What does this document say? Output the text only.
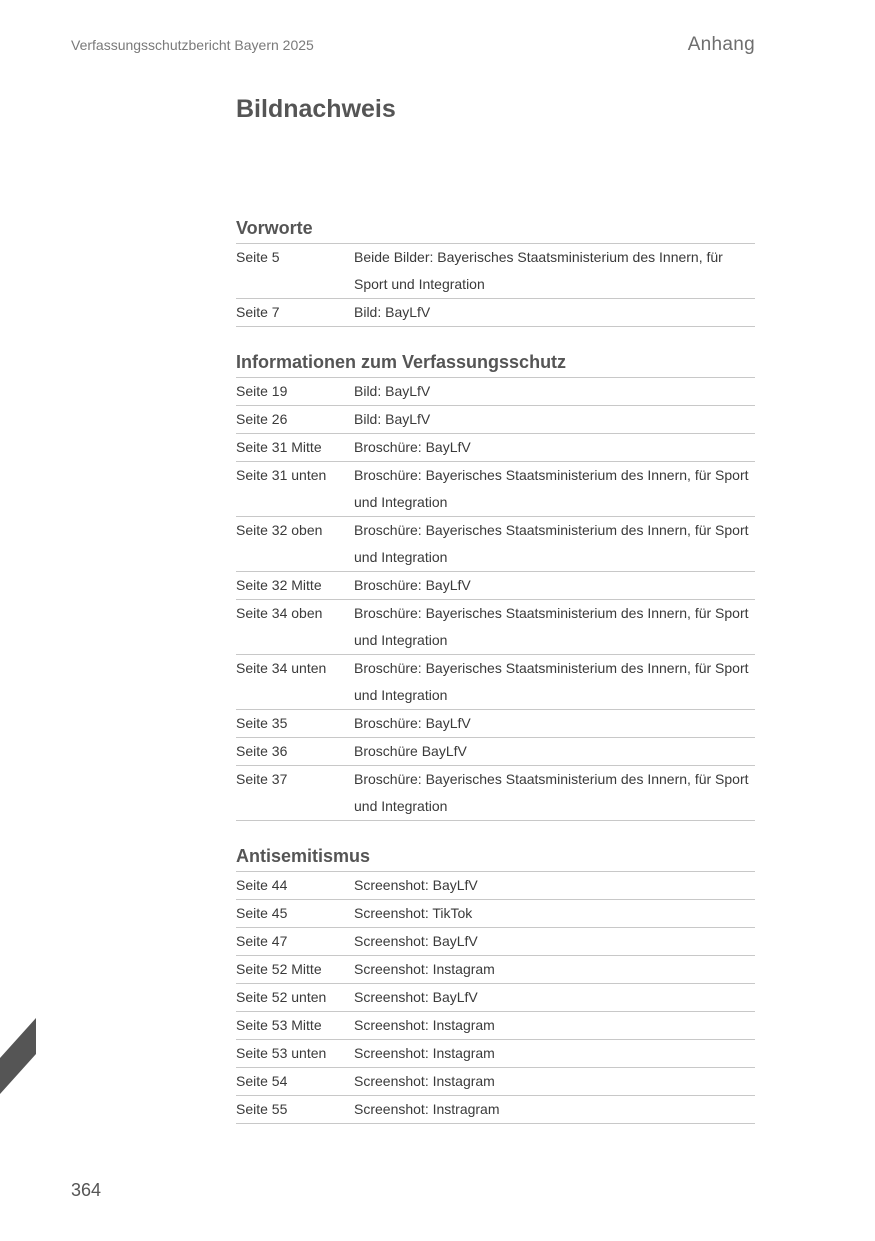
Verfassungsschutzbericht Bayern 2025	Anhang
Bildnachweis
Vorworte
Seite 5	Beide Bilder: Bayerisches Staatsministerium des Innern, für Sport und Integration
Seite 7	Bild: BayLfV
Informationen zum Verfassungsschutz
Seite 19	Bild: BayLfV
Seite 26	Bild: BayLfV
Seite 31 Mitte	Broschüre: BayLfV
Seite 31 unten	Broschüre: Bayerisches Staatsministerium des Innern, für Sport und Integration
Seite 32 oben	Broschüre: Bayerisches Staatsministerium des Innern, für Sport und Integration
Seite 32 Mitte	Broschüre: BayLfV
Seite 34 oben	Broschüre: Bayerisches Staatsministerium des Innern, für Sport und Integration
Seite 34 unten	Broschüre: Bayerisches Staatsministerium des Innern, für Sport und Integration
Seite 35	Broschüre: BayLfV
Seite 36	Broschüre BayLfV
Seite 37	Broschüre: Bayerisches Staatsministerium des Innern, für Sport und Integration
Antisemitismus
Seite 44	Screenshot: BayLfV
Seite 45	Screenshot: TikTok
Seite 47	Screenshot: BayLfV
Seite 52 Mitte	Screenshot: Instagram
Seite 52 unten	Screenshot: BayLfV
Seite 53 Mitte	Screenshot: Instagram
Seite 53 unten	Screenshot: Instagram
Seite 54	Screenshot: Instagram
Seite 55	Screenshot: Instragram
364
